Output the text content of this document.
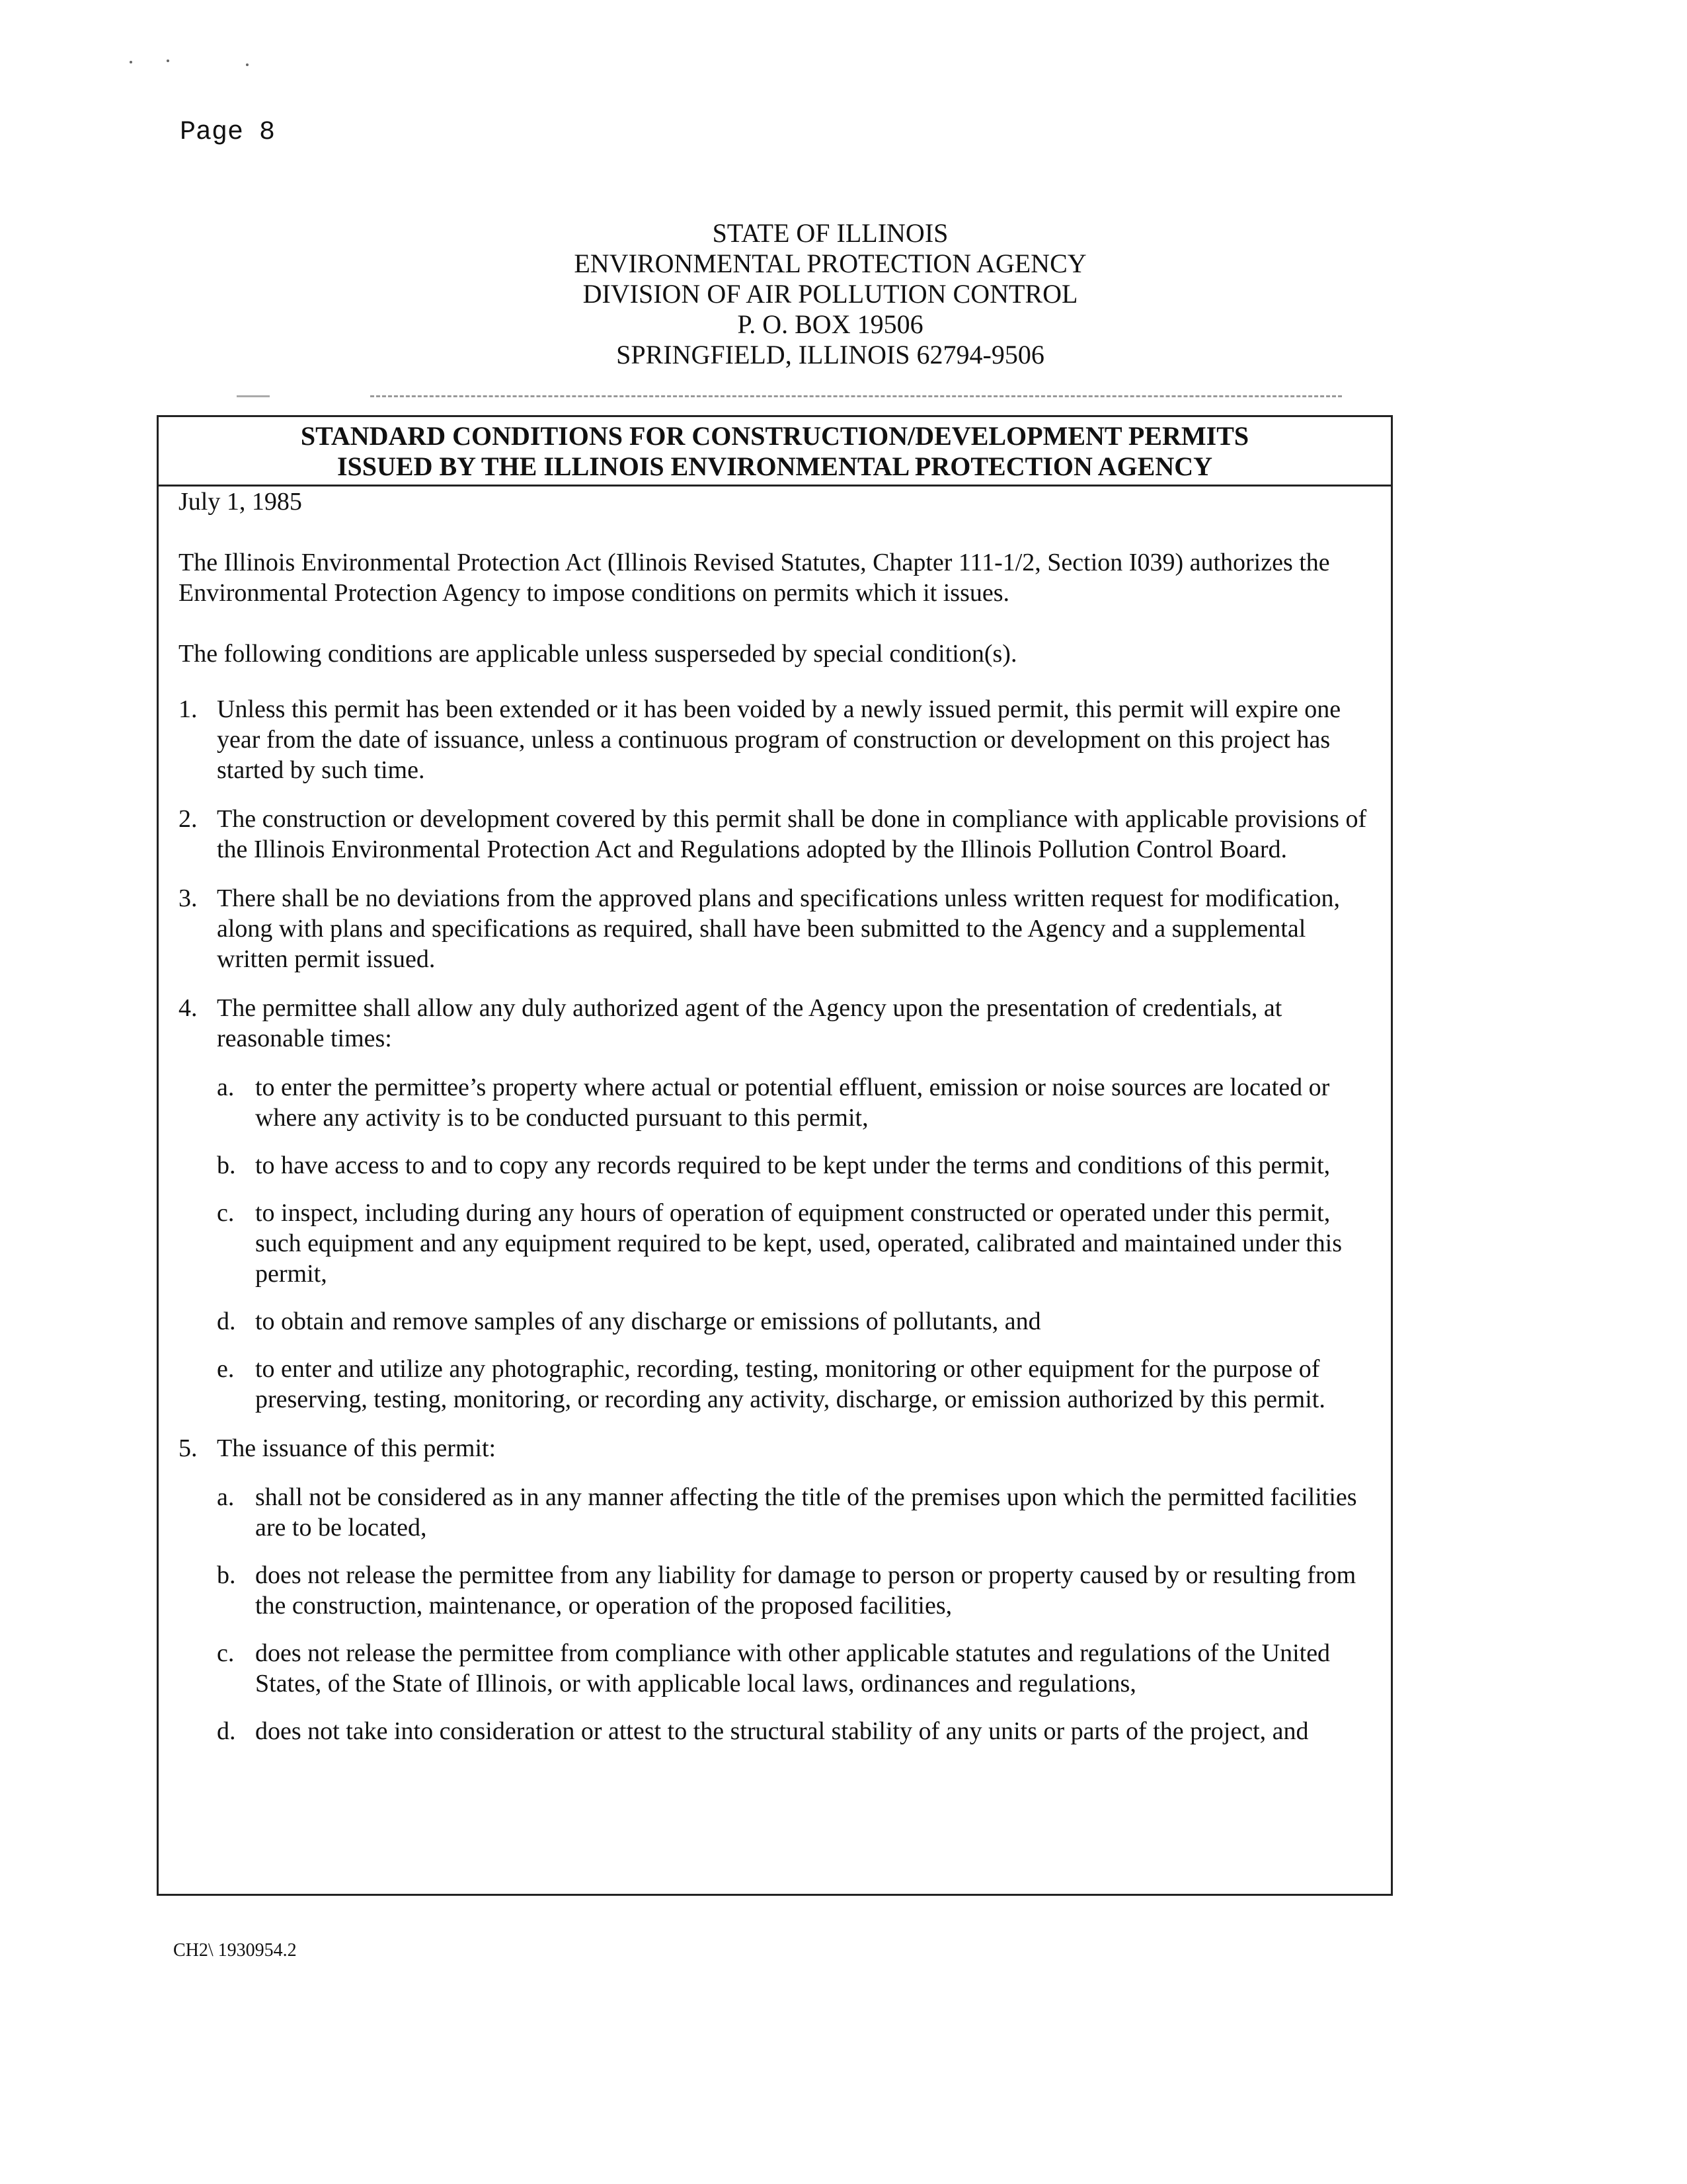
Page 8
STATE OF ILLINOIS
ENVIRONMENTAL PROTECTION AGENCY
DIVISION OF AIR POLLUTION CONTROL
P. O. BOX 19506
SPRINGFIELD, ILLINOIS 62794-9506
STANDARD CONDITIONS FOR CONSTRUCTION/DEVELOPMENT PERMITS
ISSUED BY THE ILLINOIS ENVIRONMENTAL PROTECTION AGENCY

July 1, 1985

The Illinois Environmental Protection Act (Illinois Revised Statutes, Chapter 111-1/2, Section I039) authorizes the Environmental Protection Agency to impose conditions on permits which it issues.

The following conditions are applicable unless susperseded by special condition(s).

1. Unless this permit has been extended or it has been voided by a newly issued permit, this permit will expire one year from the date of issuance, unless a continuous program of construction or development on this project has started by such time.
2. The construction or development covered by this permit shall be done in compliance with applicable provisions of the Illinois Environmental Protection Act and Regulations adopted by the Illinois Pollution Control Board.
3. There shall be no deviations from the approved plans and specifications unless written request for modification, along with plans and specifications as required, shall have been submitted to the Agency and a supplemental written permit issued.
4. The permittee shall allow any duly authorized agent of the Agency upon the presentation of credentials, at reasonable times:
a. to enter the permittee’s property where actual or potential effluent, emission or noise sources are located or where any activity is to be conducted pursuant to this permit,
b. to have access to and to copy any records required to be kept under the terms and conditions of this permit,
c. to inspect, including during any hours of operation of equipment constructed or operated under this permit, such equipment and any equipment required to be kept, used, operated, calibrated and maintained under this permit,
d. to obtain and remove samples of any discharge or emissions of pollutants, and
e. to enter and utilize any photographic, recording, testing, monitoring or other equipment for the purpose of preserving, testing, monitoring, or recording any activity, discharge, or emission authorized by this permit.
5. The issuance of this permit:
a. shall not be considered as in any manner affecting the title of the premises upon which the permitted facilities are to be located,
b. does not release the permittee from any liability for damage to person or property caused by or resulting from the construction, maintenance, or operation of the proposed facilities,
c. does not release the permittee from compliance with other applicable statutes and regulations of the United States, of the State of Illinois, or with applicable local laws, ordinances and regulations,
d. does not take into consideration or attest to the structural stability of any units or parts of the project, and
CH2\ 1930954.2
